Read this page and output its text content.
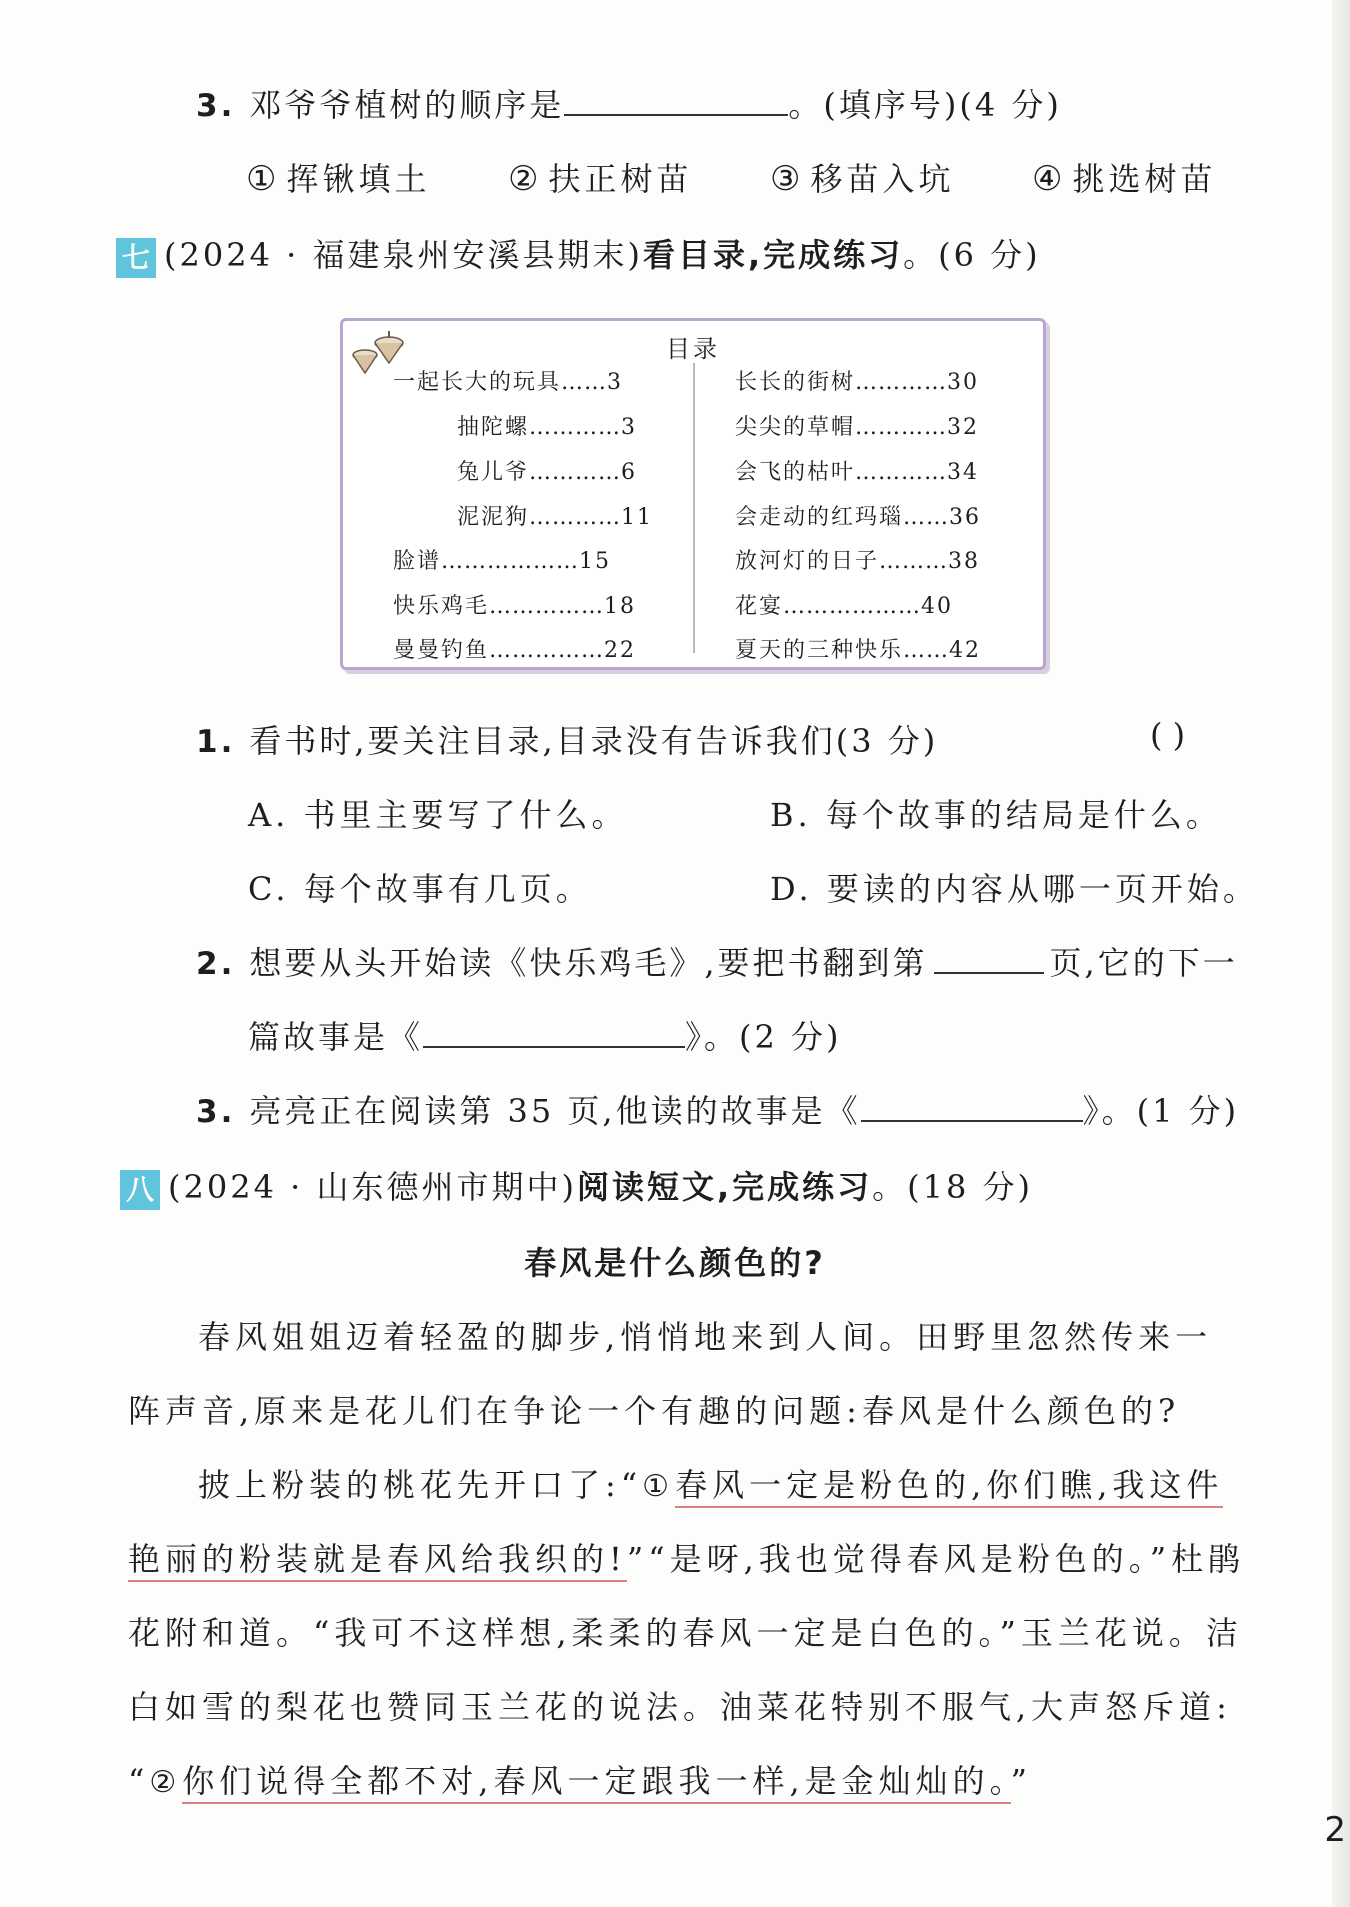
3. 邓爷爷植树的顺序是	。(填序号)(4 分)
① 挥锹填土 ② 扶正树苗 ③ 移苗入坑 ④ 挑选树苗
七 (2024 · 福建泉州安溪县期末)看目录,完成练习。(6 分)
目录
一起长大的玩具……3
抽陀螺…………3
兔儿爷…………6
泥泥狗…………11
脸谱………………15
快乐鸡毛……………18
曼曼钓鱼……………22
长长的街树…………30
尖尖的草帽…………32
会飞的枯叶…………34
会走动的红玛瑙……36
放河灯的日子………38
花宴………………40
夏天的三种快乐……42
1. 看书时,要关注目录,目录没有告诉我们(3 分)	( )
A. 书里主要写了什么。	B. 每个故事的结局是什么。
C. 每个故事有几页。	D. 要读的内容从哪一页开始。
2. 想要从头开始读《快乐鸡毛》,要把书翻到第	页,它的下一
篇故事是《	》。(2 分)
3. 亮亮正在阅读第 35 页,他读的故事是《	》。(1 分)
八 (2024 · 山东德州市期中)阅读短文,完成练习。(18 分)
春风是什么颜色的?
春风姐姐迈着轻盈的脚步,悄悄地来到人间。田野里忽然传来一
阵声音,原来是花儿们在争论一个有趣的问题:春风是什么颜色的?
披上粉装的桃花先开口了:“① 春风一定是粉色的,你们瞧,我这件
艳丽的粉装就是春风给我织的!”“是呀,我也觉得春风是粉色的。”杜鹃
花附和道。“我可不这样想,柔柔的春风一定是白色的。”玉兰花说。洁
白如雪的梨花也赞同玉兰花的说法。油菜花特别不服气,大声怒斥道:
“② 你们说得全都不对,春风一定跟我一样,是金灿灿的。”
2
